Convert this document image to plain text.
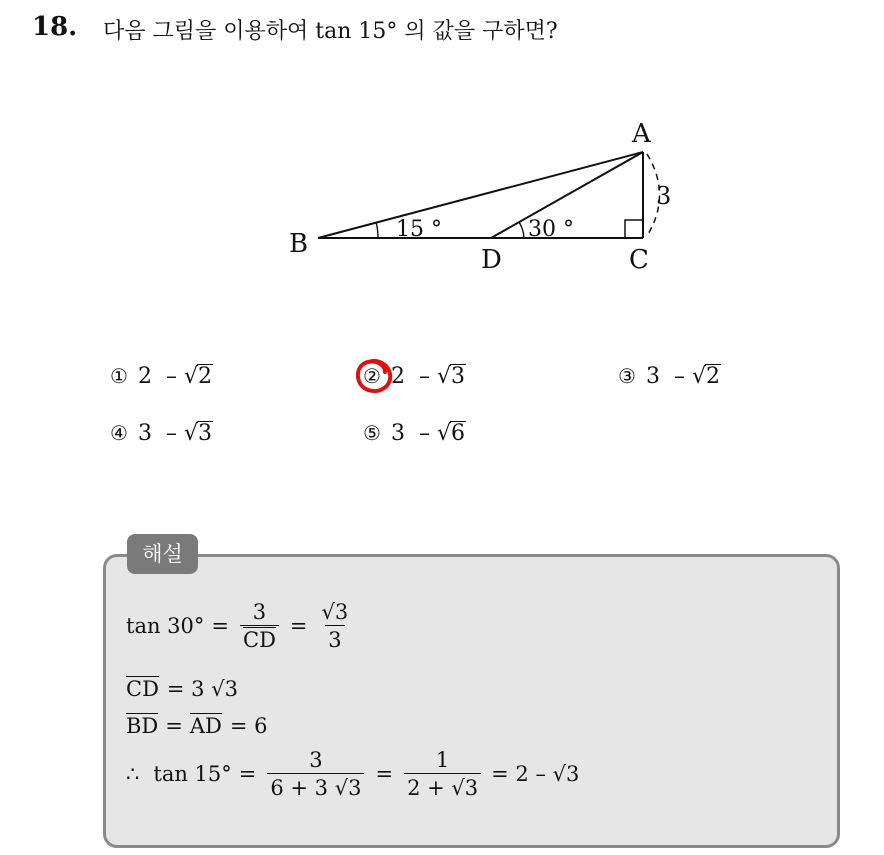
18. 다음 그림을 이용하여 tan 15° 의 값을 구하면?
A
B
C
D
3
15 °	30 °
① 2 – √2	② 2 – √3	③ 3 – √2
④ 3 – √3	⑤ 3 – √6
해설
$\tan 30^\circ = \frac{3}{CD} = \frac{√3}{3}$
CD = 3 √3
BD = AD = 6
∴ $\tan 15^\circ = \frac{3}{6 + 3 √3} = \frac{1}{2 + √3} = 2 - √3$
